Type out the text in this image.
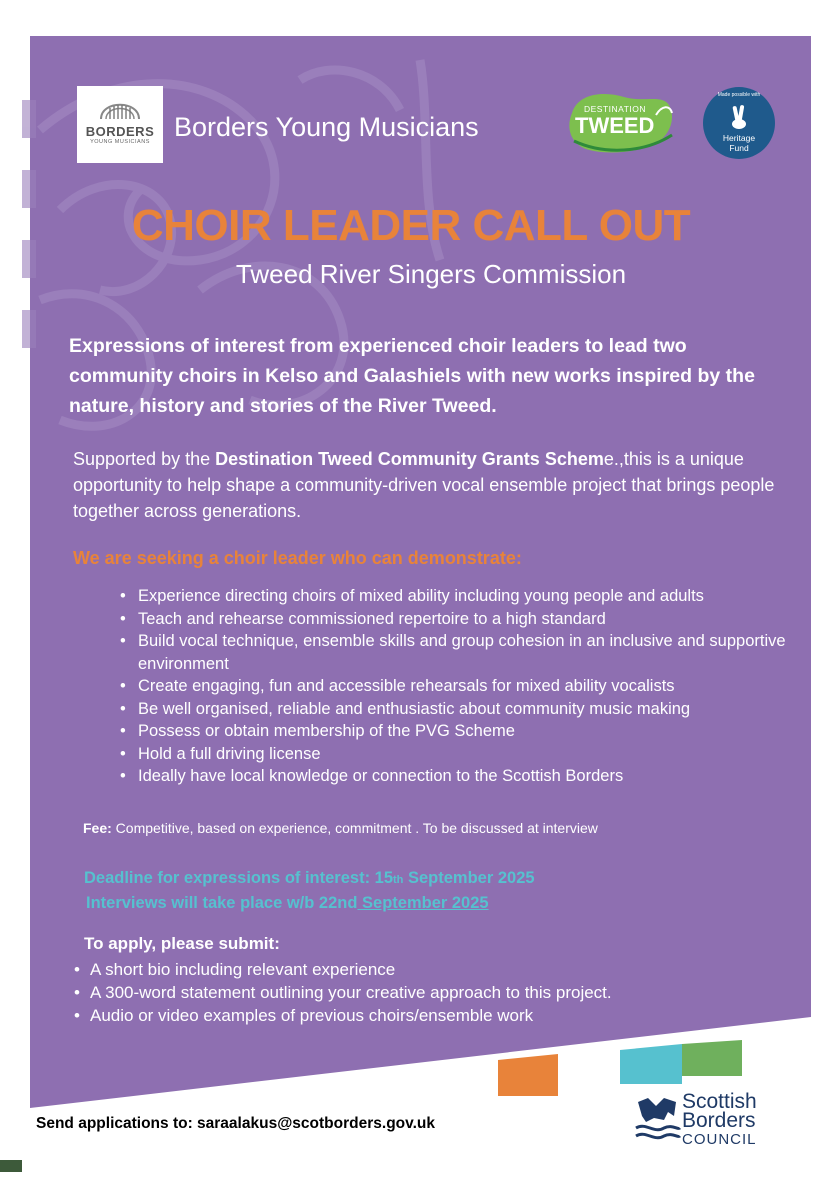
BORDERS
YOUNG MUSICIANS Borders Young Musicians
DESTINATION
TWEED
Made possible with
Heritage
Fund
CHOIR LEADER CALL OUT
Tweed River Singers Commission
Expressions of interest from experienced choir leaders to lead two community choirs in Kelso and Galashiels with new works inspired by the nature, history and stories of the River Tweed.
Supported by the Destination Tweed Community Grants Scheme.,this is a unique opportunity to help shape a community-driven vocal ensemble project that brings people together across generations.
We are seeking a choir leader who can demonstrate:
• Experience directing choirs of mixed ability including young people and adults
• Teach and rehearse commissioned repertoire to a high standard
• Build vocal technique, ensemble skills and group cohesion in an inclusive and supportive environment
• Create engaging, fun and accessible rehearsals for mixed ability vocalists
• Be well organised, reliable and enthusiastic about community music making
• Possess or obtain membership of the PVG Scheme
• Hold a full driving license
• Ideally have local knowledge or connection to the Scottish Borders
Fee: Competitive, based on experience, commitment . To be discussed at interview
Deadline for expressions of interest: 15th September 2025
Interviews will take place w/b 22nd September 2025
To apply, please submit:
• A short bio including relevant experience
• A 300-word statement outlining your creative approach to this project.
• Audio or video examples of previous choirs/ensemble work
Send applications to: saraalakus@scotborders.gov.uk
Scottish
Borders
COUNCIL
